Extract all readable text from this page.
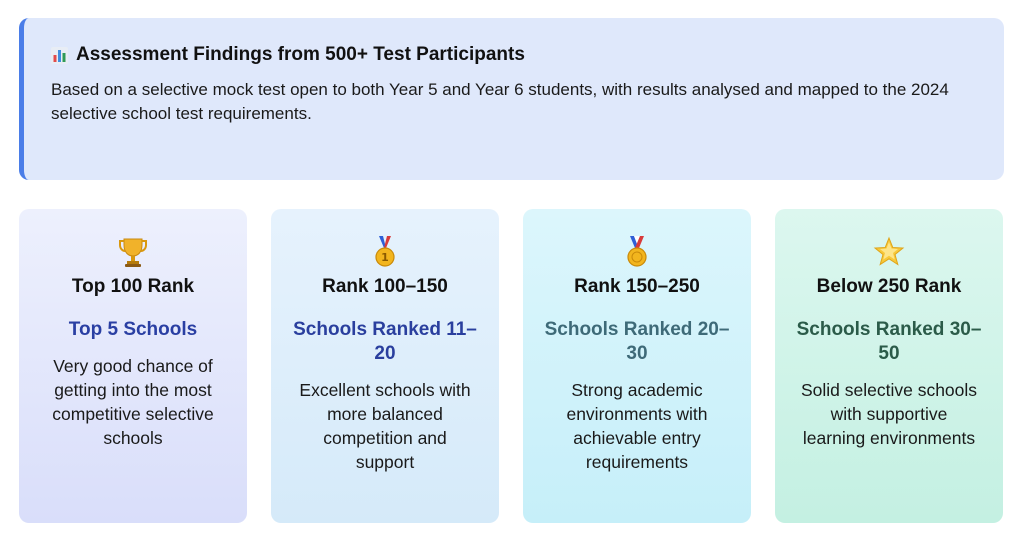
Assessment Findings from 500+ Test Participants

Based on a selective mock test open to both Year 5 and Year 6 students, with results analysed and mapped to the 2024 selective school test requirements.

Top 100 Rank
Top 5 Schools
Very good chance of getting into the most competitive selective schools
1
Rank 100–150
Schools Ranked 11–20
Excellent schools with more balanced competition and support
Rank 150–250
Schools Ranked 20–30
Strong academic environments with achievable entry requirements
Below 250 Rank
Schools Ranked 30–50
Solid selective schools with supportive learning environments
